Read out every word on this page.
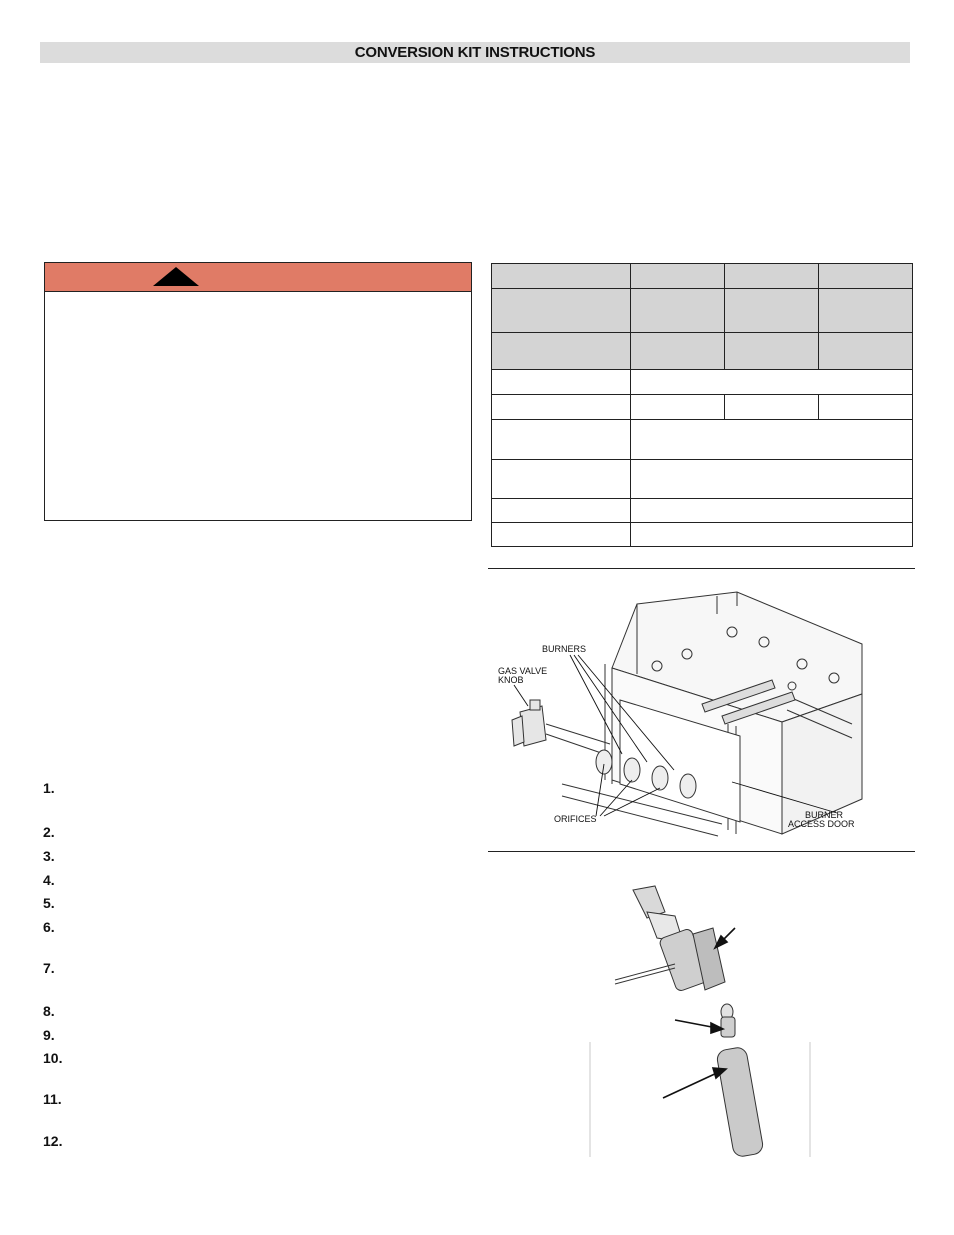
CONVERSION KIT INSTRUCTIONS

BURNERS
GAS VALVE
KNOB
ORIFICES	BURNER
ACCESS DOOR
1.
2.
3.
4.
5.
6.
7.
8.
9.
10.
11.
12.
